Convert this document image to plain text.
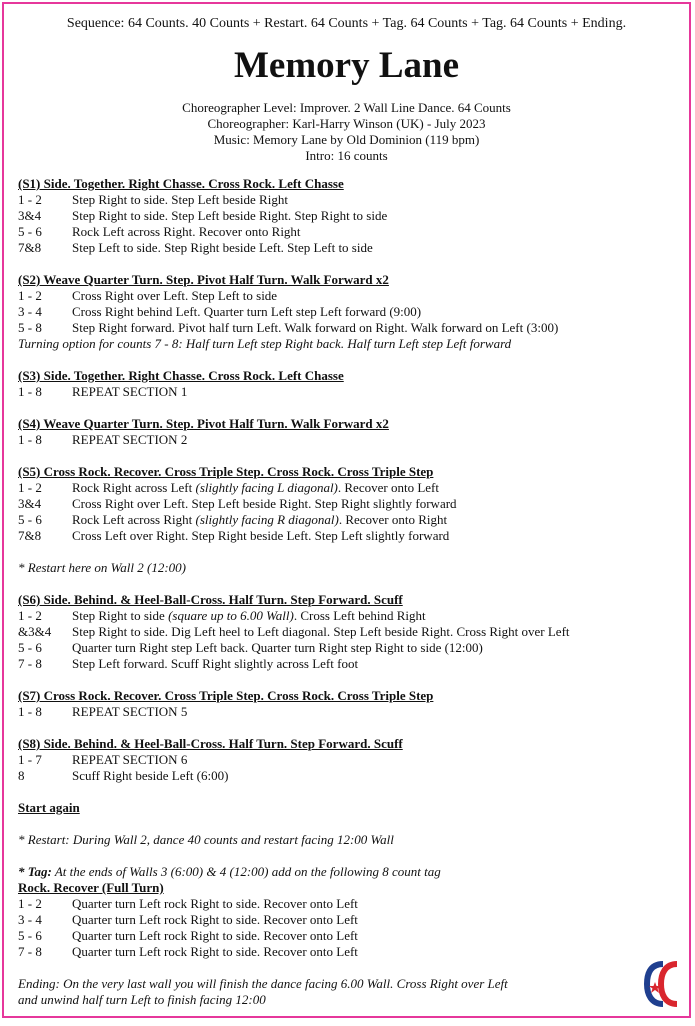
Sequence: 64 Counts. 40 Counts + Restart. 64 Counts + Tag. 64 Counts + Tag. 64 Counts + Ending.
Memory Lane
Choreographer Level: Improver. 2 Wall Line Dance. 64 Counts
Choreographer: Karl-Harry Winson (UK) - July 2023
Music: Memory Lane by Old Dominion (119 bpm)
Intro: 16 counts
(S1) Side. Together. Right Chasse. Cross Rock. Left Chasse
1 - 2	Step Right to side. Step Left beside Right
3&4	Step Right to side. Step Left beside Right. Step Right to side
5 - 6	Rock Left across Right. Recover onto Right
7&8	Step Left to side. Step Right beside Left. Step Left to side
(S2) Weave Quarter Turn. Step. Pivot Half Turn. Walk Forward x2
1 - 2	Cross Right over Left. Step Left to side
3 - 4	Cross Right behind Left. Quarter turn Left step Left forward (9:00)
5 - 8	Step Right forward. Pivot half turn Left. Walk forward on Right. Walk forward on Left (3:00)
Turning option for counts 7 - 8: Half turn Left step Right back. Half turn Left step Left forward
(S3) Side. Together. Right Chasse. Cross Rock. Left Chasse
1 - 8	REPEAT SECTION 1
(S4) Weave Quarter Turn. Step. Pivot Half Turn. Walk Forward x2
1 - 8	REPEAT SECTION 2
(S5) Cross Rock. Recover. Cross Triple Step. Cross Rock. Cross Triple Step
1 - 2	Rock Right across Left (slightly facing L diagonal). Recover onto Left
3&4	Cross Right over Left. Step Left beside Right. Step Right slightly forward
5 - 6	Rock Left across Right (slightly facing R diagonal). Recover onto Right
7&8	Cross Left over Right. Step Right beside Left. Step Left slightly forward
* Restart here on Wall 2 (12:00)
(S6) Side. Behind. & Heel-Ball-Cross. Half Turn. Step Forward. Scuff
1 - 2	Step Right to side (square up to 6.00 Wall). Cross Left behind Right
&3&4	Step Right to side. Dig Left heel to Left diagonal. Step Left beside Right. Cross Right over Left
5 - 6	Quarter turn Right step Left back. Quarter turn Right step Right to side (12:00)
7 - 8	Step Left forward. Scuff Right slightly across Left foot
(S7) Cross Rock. Recover. Cross Triple Step. Cross Rock. Cross Triple Step
1 - 8	REPEAT SECTION 5
(S8) Side. Behind. & Heel-Ball-Cross. Half Turn. Step Forward. Scuff
1 - 7	REPEAT SECTION 6
8	Scuff Right beside Left (6:00)
Start again
* Restart: During Wall 2, dance 40 counts and restart facing 12:00 Wall
* Tag: At the ends of Walls 3 (6:00) & 4 (12:00) add on the following 8 count tag
Rock. Recover (Full Turn)
1 - 2	Quarter turn Left rock Right to side. Recover onto Left
3 - 4	Quarter turn Left rock Right to side. Recover onto Left
5 - 6	Quarter turn Left rock Right to side. Recover onto Left
7 - 8	Quarter turn Left rock Right to side. Recover onto Left
Ending: On the very last wall you will finish the dance facing 6.00 Wall. Cross Right over Left
and unwind half turn Left to finish facing 12:00
